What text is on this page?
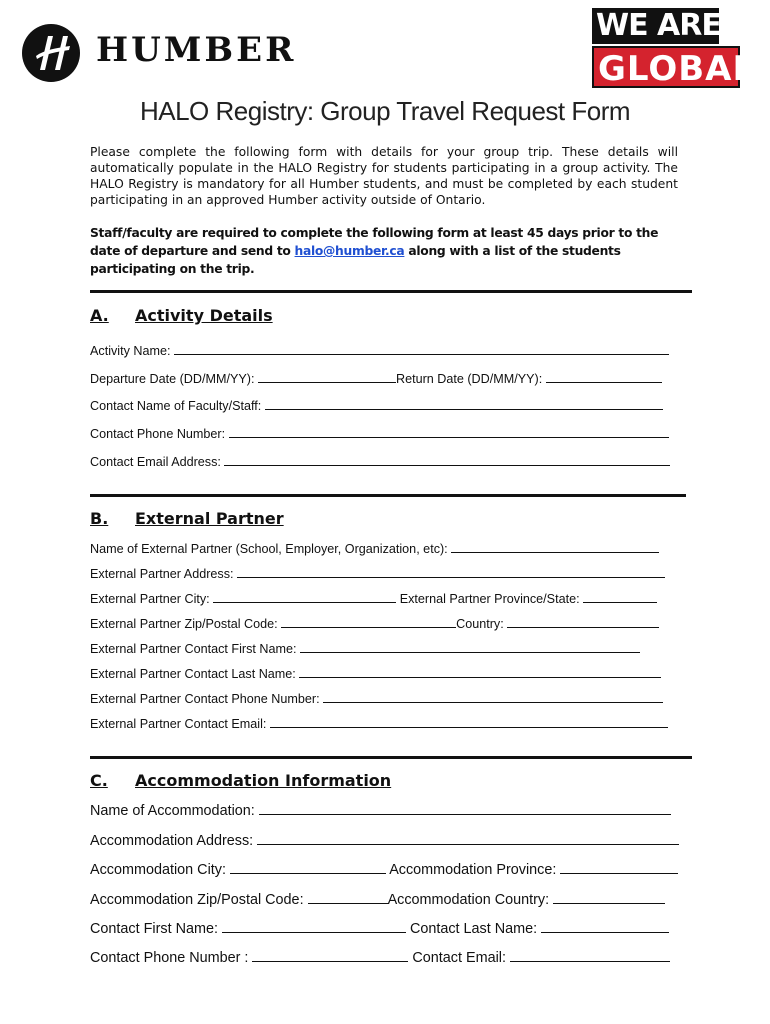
HUMBER
WE ARE
GLOBAL
HALO Registry: Group Travel Request Form
Please complete the following form with details for your group trip. These details will automatically populate in the HALO Registry for students participating in a group activity. The HALO Registry is mandatory for all Humber students, and must be completed by each student participating in an approved Humber activity outside of Ontario.
Staff/faculty are required to complete the following form at least 45 days prior to the date of departure and send to halo@humber.ca along with a list of the students participating on the trip.
A. Activity Details
Activity Name:
Departure Date (DD/MM/YY):	Return Date (DD/MM/YY):
Contact Name of Faculty/Staff:
Contact Phone Number:
Contact Email Address:
B. External Partner
Name of External Partner (School, Employer, Organization, etc):
External Partner Address:
External Partner City:	External Partner Province/State:
External Partner Zip/Postal Code:	Country:
External Partner Contact First Name:
External Partner Contact Last Name:
External Partner Contact Phone Number:
External Partner Contact Email:
C. Accommodation Information
Name of Accommodation:
Accommodation Address:
Accommodation City:	Accommodation Province:
Accommodation Zip/Postal Code:	Accommodation Country:
Contact First Name:	Contact Last Name:
Contact Phone Number :	Contact Email:
